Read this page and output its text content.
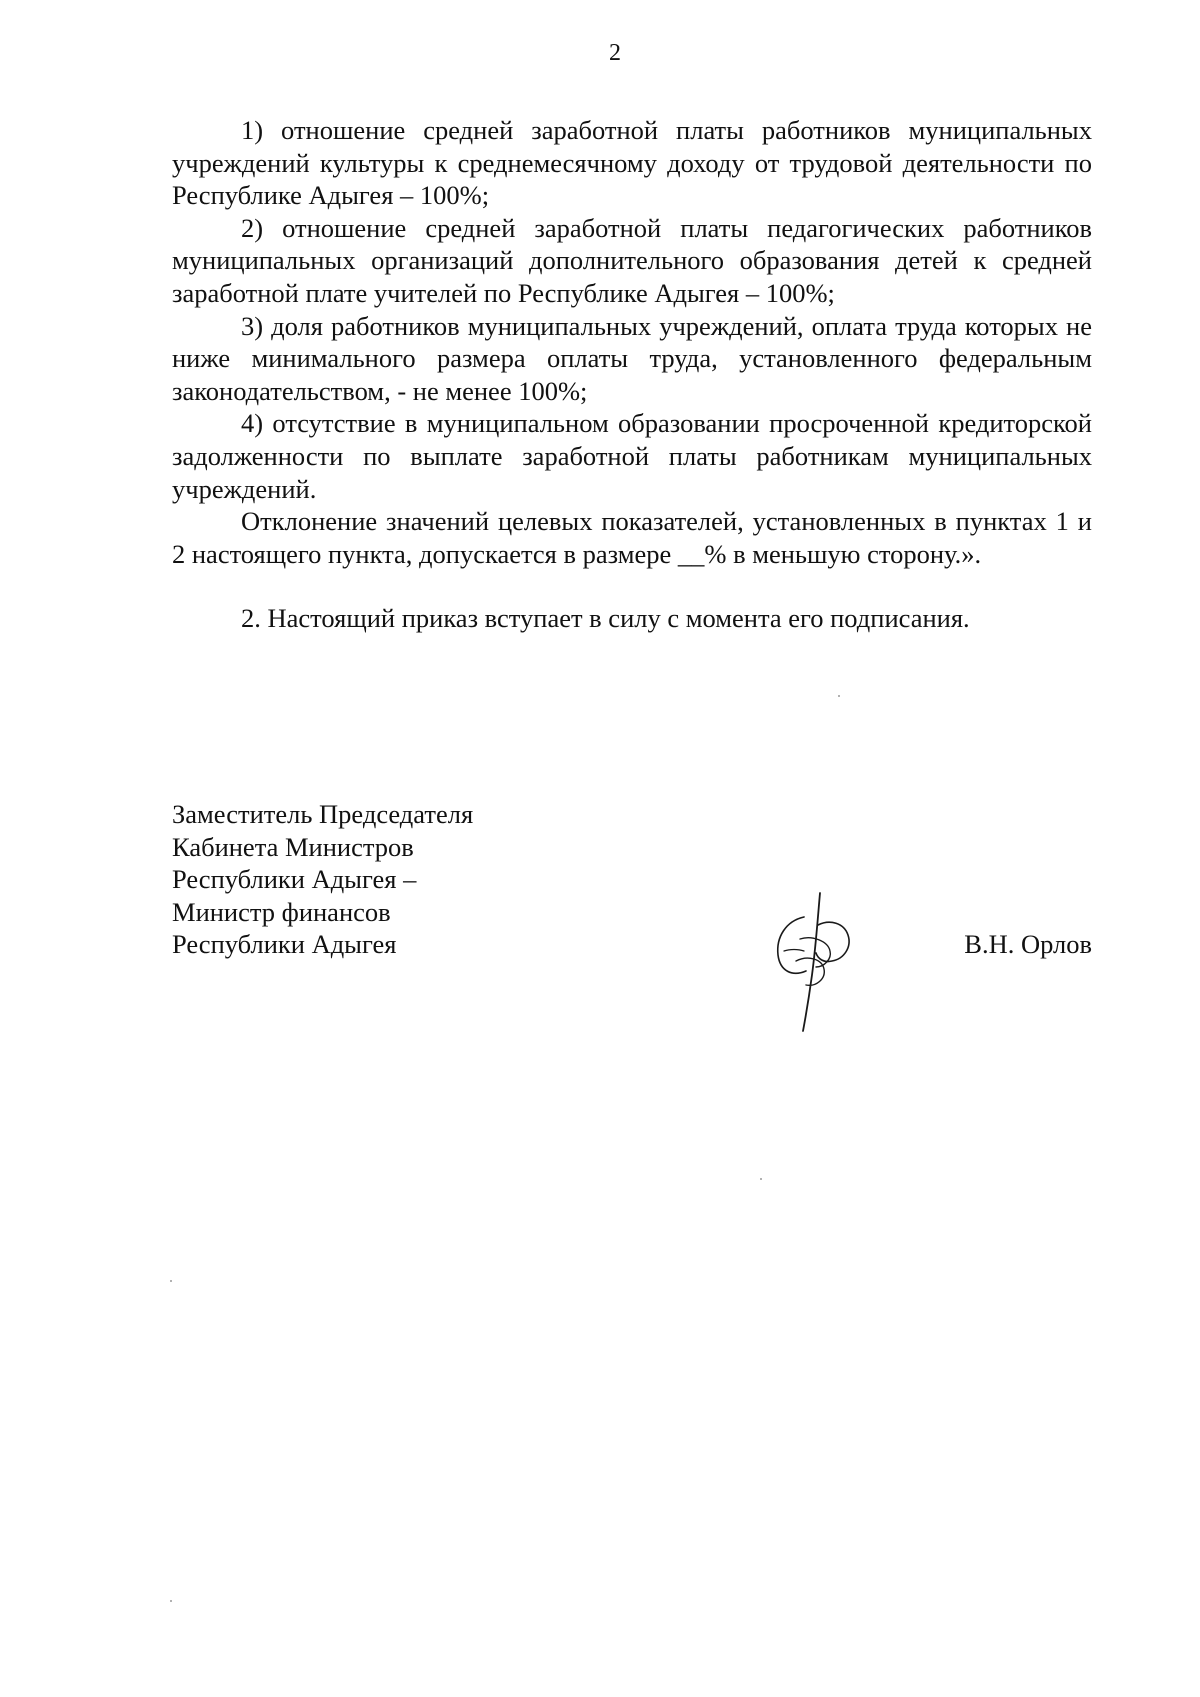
2

1) отношение средней заработной платы работников муниципальных учреждений культуры к среднемесячному доходу от трудовой деятельности по Республике Адыгея – 100%;

2) отношение средней заработной платы педагогических работников муниципальных организаций дополнительного образования детей к средней заработной плате учителей по Республике Адыгея – 100%;

3) доля работников муниципальных учреждений, оплата труда которых не ниже минимального размера оплаты труда, установленного федеральным законодательством, - не менее 100%;

4) отсутствие в муниципальном образовании просроченной кредиторской задолженности по выплате заработной платы работникам муниципальных учреждений.

Отклонение значений целевых показателей, установленных в пунктах 1 и 2 настоящего пункта, допускается в размере __% в меньшую сторону.».

2. Настоящий приказ вступает в силу с момента его подписания.

Заместитель Председателя
Кабинета Министров
Республики Адыгея –
Министр финансов
Республики Адыгея	В.Н. Орлов
